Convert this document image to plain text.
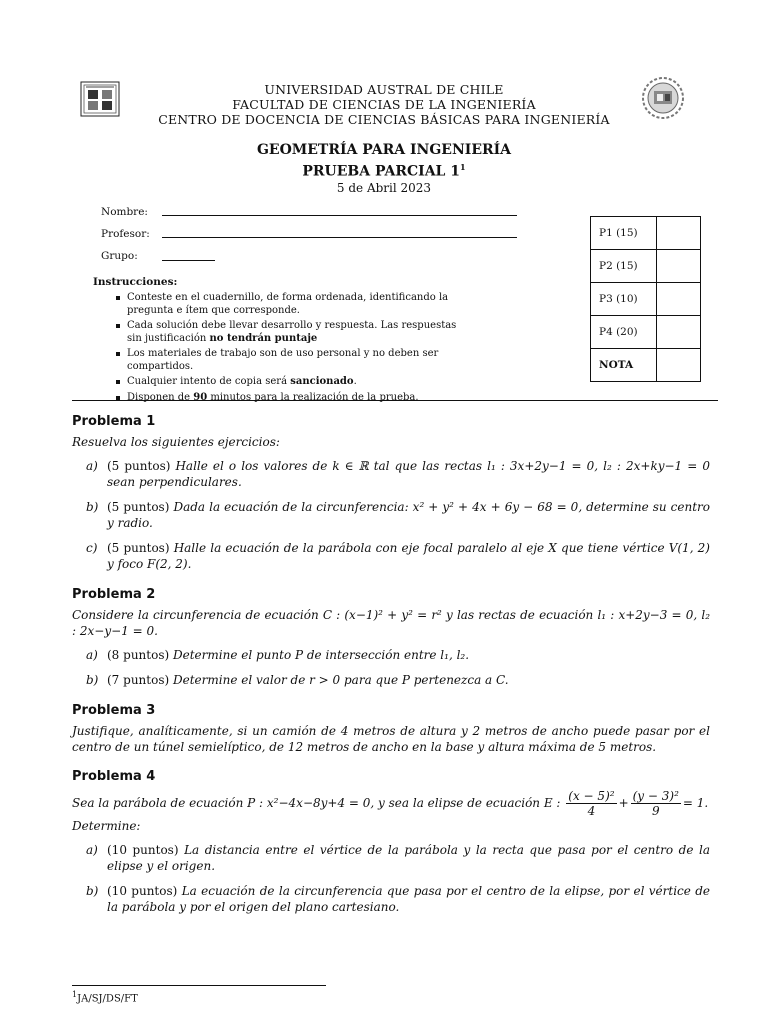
UNIVERSIDAD AUSTRAL DE CHILE
FACULTAD DE CIENCIAS DE LA INGENIERÍA
CENTRO DE DOCENCIA DE CIENCIAS BÁSICAS PARA INGENIERÍA
GEOMETRÍA PARA INGENIERÍA
PRUEBA PARCIAL $1^1$
5 de Abril 2023
Nombre:
Profesor:
Grupo:
Instrucciones:
Conteste en el cuadernillo, de forma ordenada, identificando la pregunta e ítem que corresponde.
Cada solución debe llevar desarrollo y respuesta. Las respuestas sin justificación no tendrán puntaje
Los materiales de trabajo son de uso personal y no deben ser compartidos.
Cualquier intento de copia será sancionado.
Disponen de 90 minutos para la realización de la prueba.
P1 (15)	
P2 (15)	
P3 (10)	
P4 (20)	
NOTA	
Problema 1
Resuelva los siguientes ejercicios:
a) (5 puntos) Halle el o los valores de k ∈ ℝ tal que las rectas l₁ : 3x+2y−1 = 0, l₂ : 2x+ky−1 = 0 sean perpendiculares.
b) (5 puntos) Dada la ecuación de la circunferencia: x² + y² + 4x + 6y − 68 = 0, determine su centro y radio.
c) (5 puntos) Halle la ecuación de la parábola con eje focal paralelo al eje X que tiene vértice V(1, 2) y foco F(2, 2).
Problema 2
Considere la circunferencia de ecuación C : (x−1)² + y² = r² y las rectas de ecuación l₁ : x+2y−3 = 0, l₂ : 2x−y−1 = 0.
a) (8 puntos) Determine el punto P de intersección entre l₁, l₂.
b) (7 puntos) Determine el valor de r > 0 para que P pertenezca a C.
Problema 3
Justifique, analíticamente, si un camión de 4 metros de altura y 2 metros de ancho puede pasar por el centro de un túnel semielíptico, de 12 metros de ancho en la base y altura máxima de 5 metros.
Problema 4
Sea la parábola de ecuación P : x²−4x−8y+4 = 0, y sea la elipse de ecuación E : $\frac{\text{(x − 5)²}}{4} + \frac{\text{(y − 3)²}}{9} = 1$.
Determine:
a) (10 puntos) La distancia entre el vértice de la parábola y la recta que pasa por el centro de la elipse y el origen.
b) (10 puntos) La ecuación de la circunferencia que pasa por el centro de la elipse, por el vértice de la parábola y por el origen del plano cartesiano.
$^1$JA/SJ/DS/FT
